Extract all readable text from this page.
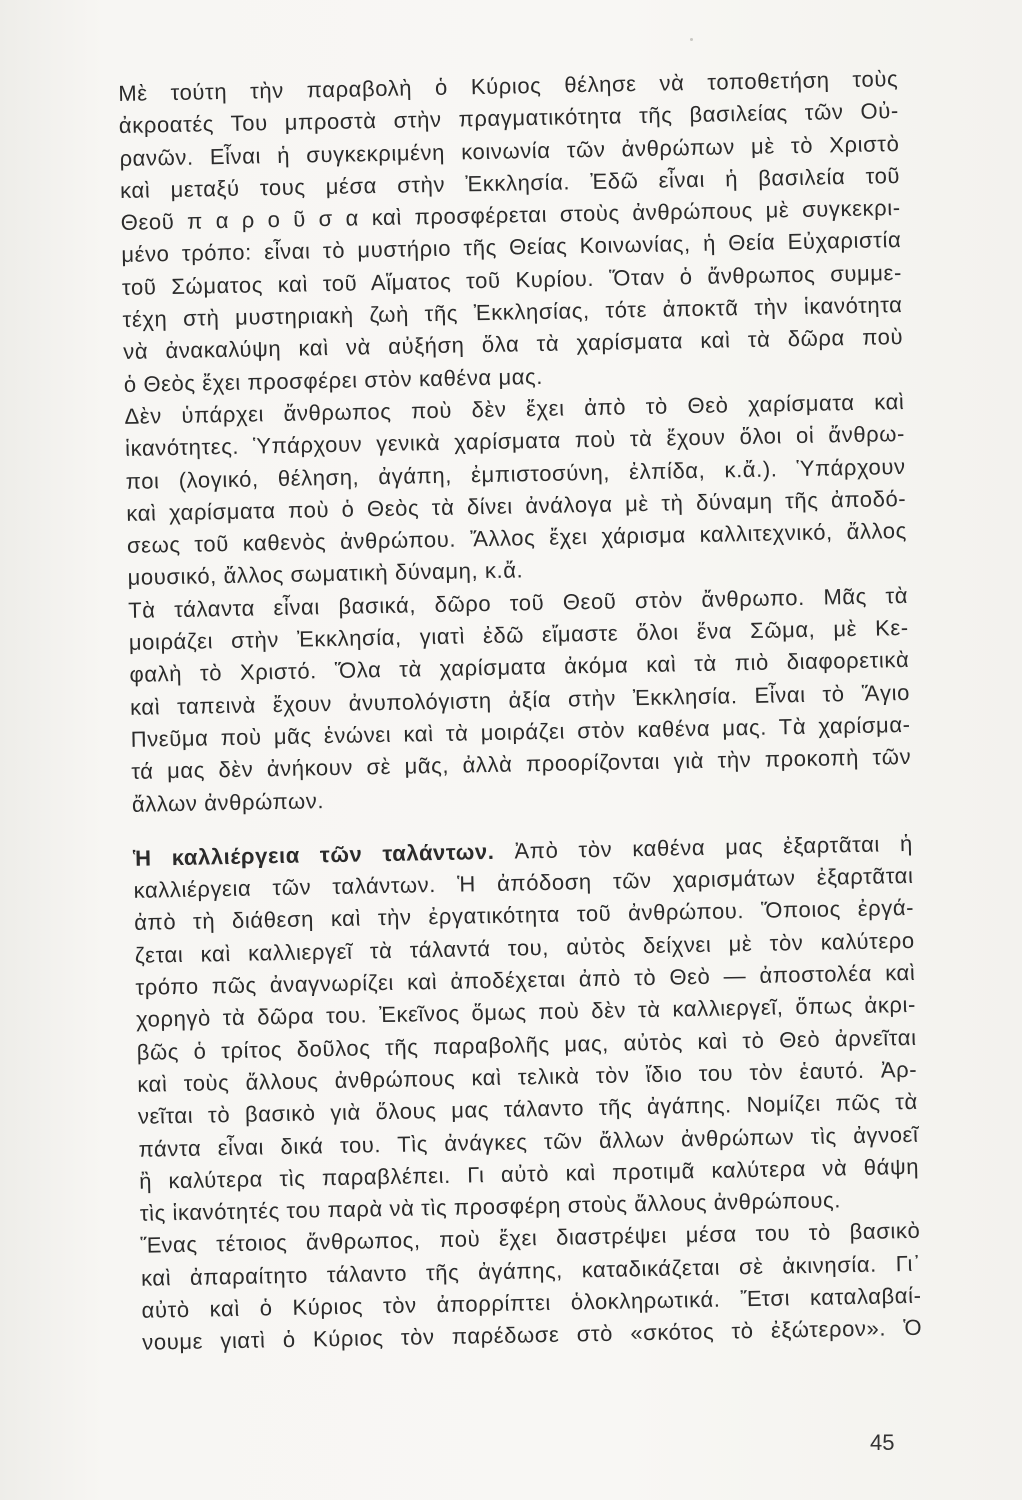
Μὲ τούτη τὴν παραβολὴ ὁ Κύριος θέλησε νὰ τοποθετήση τοὺς
ἀκροατές Του μπροστὰ στὴν πραγματικότητα τῆς βασιλείας τῶν Οὐ-
ρανῶν. Εἶναι ἡ συγκεκριμένη κοινωνία τῶν ἀνθρώπων μὲ τὸ Χριστὸ
καὶ μεταξύ τους μέσα στὴν Ἐκκλησία. Ἐδῶ εἶναι ἡ βασιλεία τοῦ
Θεοῦ π α ρ ο ῦ σ α καὶ προσφέρεται στοὺς ἀνθρώπους μὲ συγκεκρι-
μένο τρόπο: εἶναι τὸ μυστήριο τῆς Θείας Κοινωνίας, ἡ Θεία Εὐχαριστία
τοῦ Σώματος καὶ τοῦ Αἵματος τοῦ Κυρίου. Ὅταν ὁ ἄνθρωπος συμμε-
τέχη στὴ μυστηριακὴ ζωὴ τῆς Ἐκκλησίας, τότε ἀποκτᾶ τὴν ἱκανότητα
νὰ ἀνακαλύψη καὶ νὰ αὐξήση ὅλα τὰ χαρίσματα καὶ τὰ δῶρα ποὺ
ὁ Θεὸς ἔχει προσφέρει στὸν καθένα μας.
Δὲν ὑπάρχει ἄνθρωπος ποὺ δὲν ἔχει ἀπὸ τὸ Θεὸ χαρίσματα καὶ
ἱκανότητες. Ὑπάρχουν γενικὰ χαρίσματα ποὺ τὰ ἔχουν ὅλοι οἱ ἄνθρω-
ποι (λογικό, θέληση, ἀγάπη, ἐμπιστοσύνη, ἐλπίδα, κ.ἄ.). Ὑπάρχουν
καὶ χαρίσματα ποὺ ὁ Θεὸς τὰ δίνει ἀνάλογα μὲ τὴ δύναμη τῆς ἀποδό-
σεως τοῦ καθενὸς ἀνθρώπου. Ἄλλος ἔχει χάρισμα καλλιτεχνικό, ἄλλος
μουσικό, ἄλλος σωματικὴ δύναμη, κ.ἄ.
Τὰ τάλαντα εἶναι βασικά, δῶρο τοῦ Θεοῦ στὸν ἄνθρωπο. Μᾶς τὰ
μοιράζει στὴν Ἐκκλησία, γιατὶ ἐδῶ εἴμαστε ὅλοι ἕνα Σῶμα, μὲ Κε-
φαλὴ τὸ Χριστό. Ὅλα τὰ χαρίσματα ἀκόμα καὶ τὰ πιὸ διαφορετικὰ
καὶ ταπεινὰ ἔχουν ἀνυπολόγιστη ἀξία στὴν Ἐκκλησία. Εἶναι τὸ Ἅγιο
Πνεῦμα ποὺ μᾶς ἑνώνει καὶ τὰ μοιράζει στὸν καθένα μας. Τὰ χαρίσμα-
τά μας δὲν ἀνήκουν σὲ μᾶς, ἀλλὰ προορίζονται γιὰ τὴν προκοπὴ τῶν
ἄλλων ἀνθρώπων.
Ἡ καλλιέργεια τῶν ταλάντων. Ἀπὸ τὸν καθένα μας ἐξαρτᾶται ἡ
καλλιέργεια τῶν ταλάντων. Ἡ ἀπόδοση τῶν χαρισμάτων ἐξαρτᾶται
ἀπὸ τὴ διάθεση καὶ τὴν ἐργατικότητα τοῦ ἀνθρώπου. Ὅποιος ἐργά-
ζεται καὶ καλλιεργεῖ τὰ τάλαντά του, αὐτὸς δείχνει μὲ τὸν καλύτερο
τρόπο πῶς ἀναγνωρίζει καὶ ἀποδέχεται ἀπὸ τὸ Θεὸ — ἀποστολέα καὶ
χορηγὸ τὰ δῶρα του. Ἐκεῖνος ὅμως ποὺ δὲν τὰ καλλιεργεῖ, ὅπως ἀκρι-
βῶς ὁ τρίτος δοῦλος τῆς παραβολῆς μας, αὐτὸς καὶ τὸ Θεὸ ἀρνεῖται
καὶ τοὺς ἄλλους ἀνθρώπους καὶ τελικὰ τὸν ἴδιο του τὸν ἑαυτό. Ἀρ-
νεῖται τὸ βασικὸ γιὰ ὅλους μας τάλαντο τῆς ἀγάπης. Νομίζει πῶς τὰ
πάντα εἶναι δικά του. Τὶς ἀνάγκες τῶν ἄλλων ἀνθρώπων τὶς ἀγνοεῖ
ἢ καλύτερα τὶς παραβλέπει. Γι αὐτὸ καὶ προτιμᾶ καλύτερα νὰ θάψη
τὶς ἱκανότητές του παρὰ νὰ τὶς προσφέρη στοὺς ἄλλους ἀνθρώπους.
Ἕνας τέτοιος ἄνθρωπος, ποὺ ἔχει διαστρέψει μέσα του τὸ βασικὸ
καὶ ἀπαραίτητο τάλαντο τῆς ἀγάπης, καταδικάζεται σὲ ἀκινησία. Γι᾽
αὐτὸ καὶ ὁ Κύριος τὸν ἀπορρίπτει ὁλοκληρωτικά. Ἔτσι καταλαβαί-
νουμε γιατὶ ὁ Κύριος τὸν παρέδωσε στὸ «σκότος τὸ ἐξώτερον». Ὁ
45
